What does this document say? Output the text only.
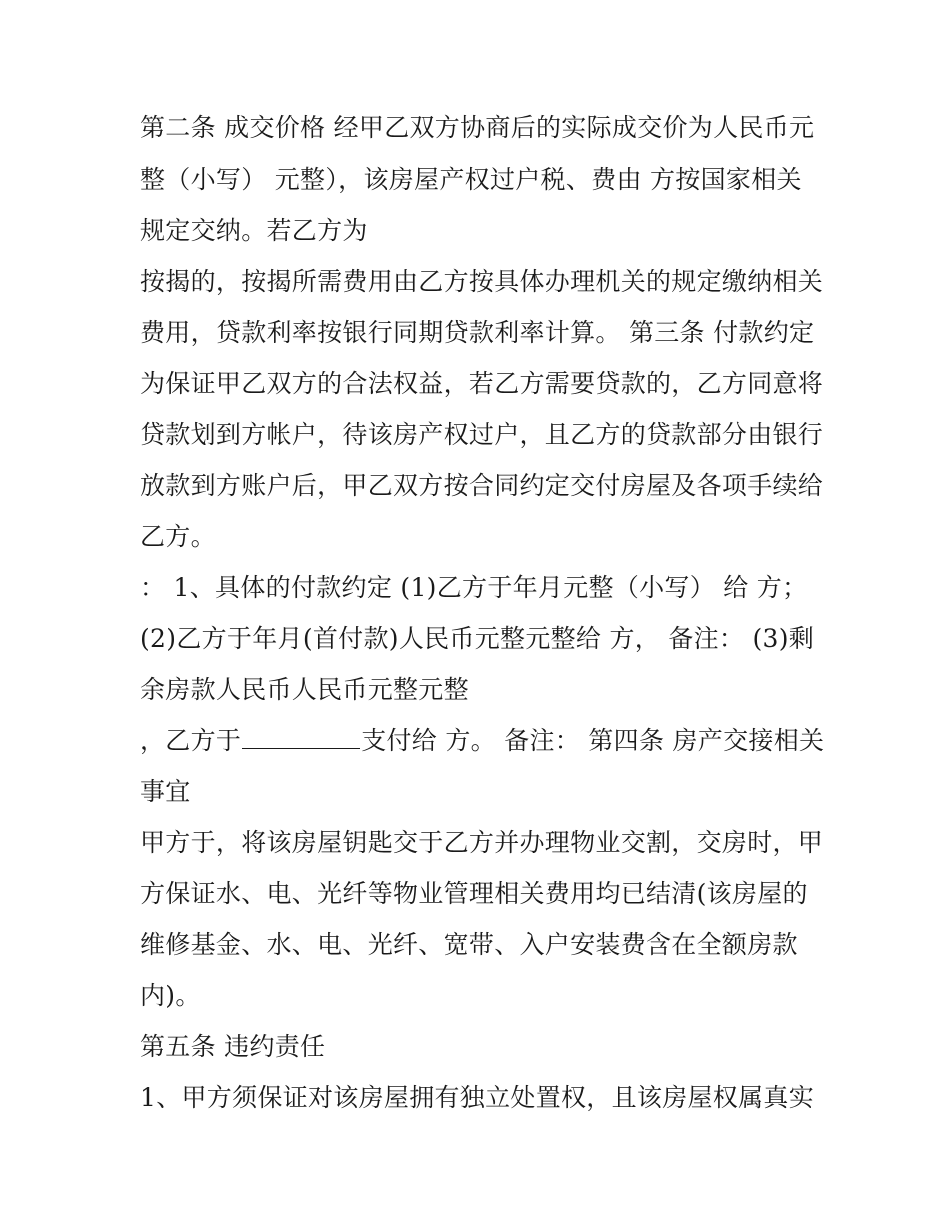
第二条 成交价格 经甲乙双方协商后的实际成交价为人民币元
整（小写） 元整），该房屋产权过户税、费由 方按国家相关
规定交纳。若乙方为
按揭的，按揭所需费用由乙方按具体办理机关的规定缴纳相关
费用，贷款利率按银行同期贷款利率计算。 第三条 付款约定
为保证甲乙双方的合法权益，若乙方需要贷款的，乙方同意将
贷款划到方帐户，待该房产权过户，且乙方的贷款部分由银行
放款到方账户后，甲乙双方按合同约定交付房屋及各项手续给
乙方。
： 1、具体的付款约定 (1)乙方于年月元整（小写） 给 方；
(2)乙方于年月(首付款)人民币元整元整给 方， 备注： (3)剩
余房款人民币人民币元整元整
，乙方于	支付给 方。 备注： 第四条 房产交接相关
事宜
甲方于，将该房屋钥匙交于乙方并办理物业交割，交房时，甲
方保证水、电、光纤等物业管理相关费用均已结清(该房屋的
维修基金、水、电、光纤、宽带、入户安装费含在全额房款
内)。
第五条 违约责任
1、甲方须保证对该房屋拥有独立处置权，且该房屋权属真实
